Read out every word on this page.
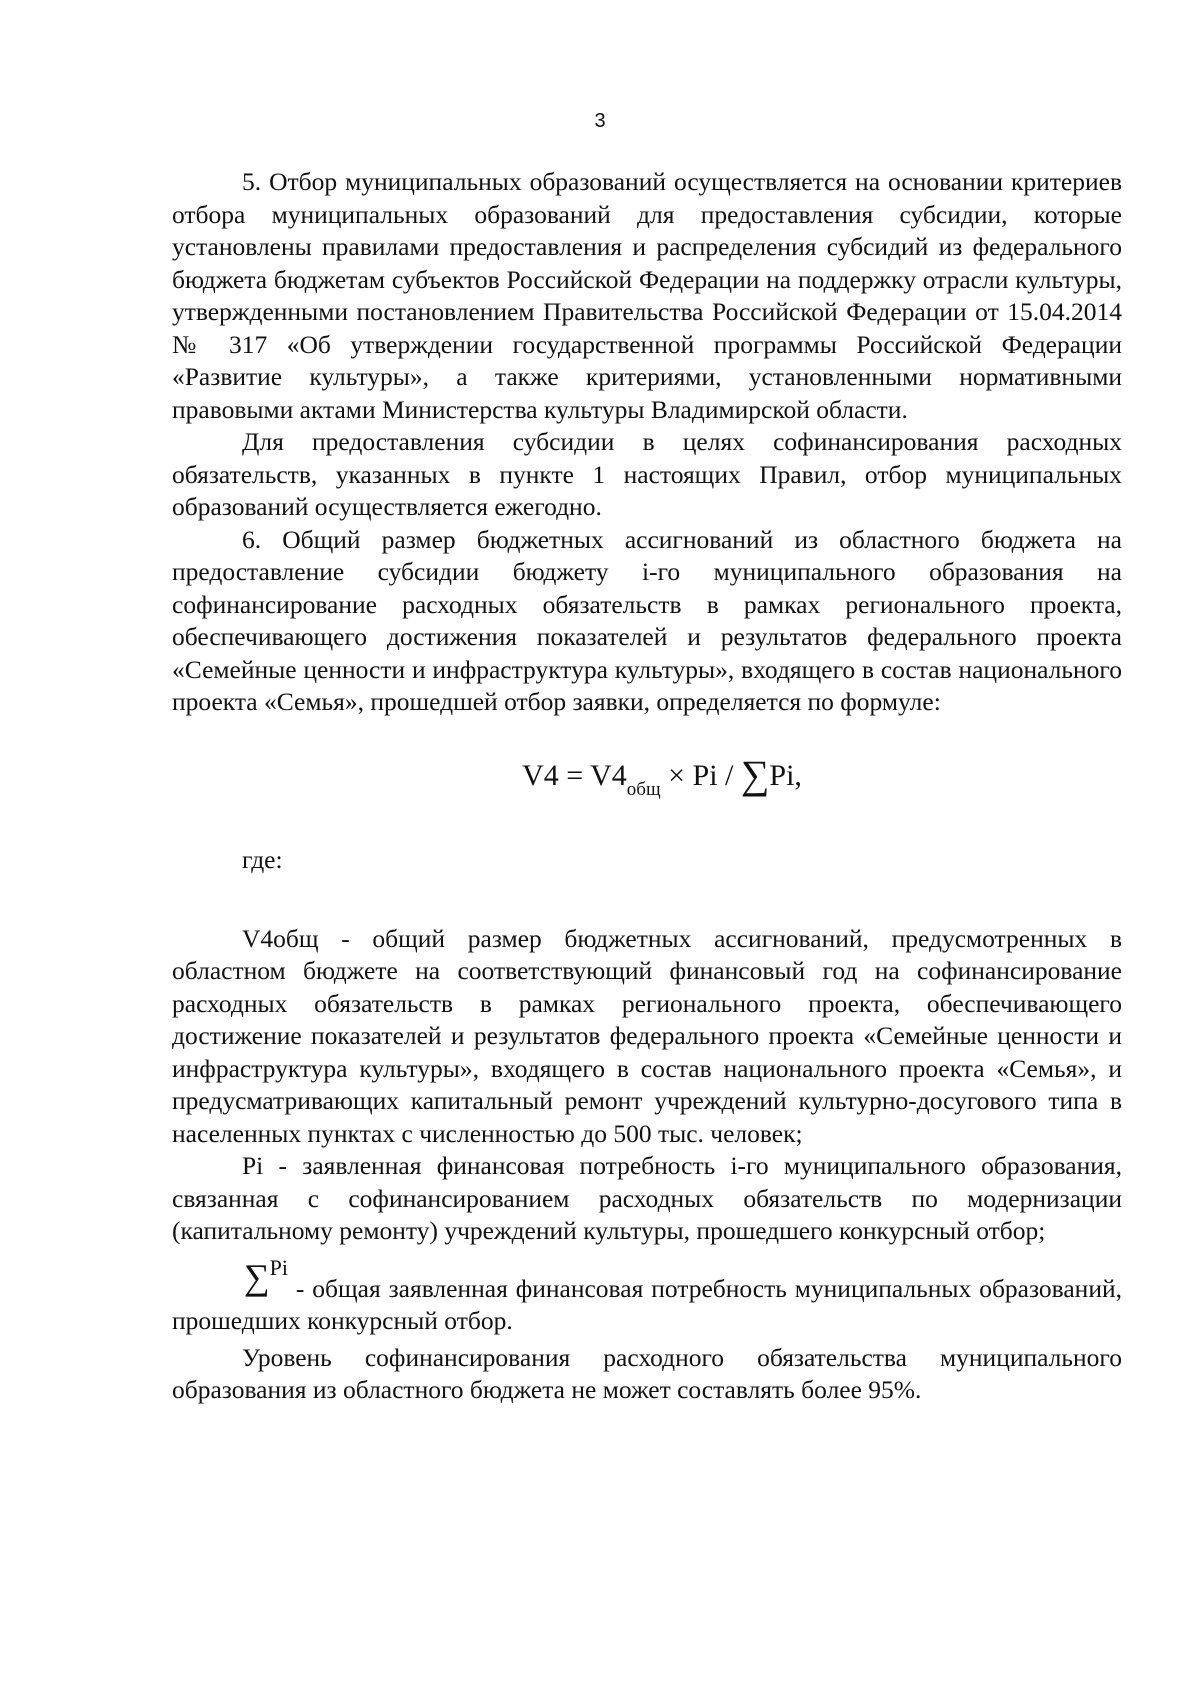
3

5. Отбор муниципальных образований осуществляется на основании критериев отбора муниципальных образований для предоставления субсидии, которые установлены правилами предоставления и распределения субсидий из федерального бюджета бюджетам субъектов Российской Федерации на поддержку отрасли культуры, утвержденными постановлением Правительства Российской Федерации от 15.04.2014 № 317 «Об утверждении государственной программы Российской Федерации «Развитие культуры», а также критериями, установленными нормативными правовыми актами Министерства культуры Владимирской области.

Для предоставления субсидии в целях софинансирования расходных обязательств, указанных в пункте 1 настоящих Правил, отбор муниципальных образований осуществляется ежегодно.

6. Общий размер бюджетных ассигнований из областного бюджета на предоставление субсидии бюджету i-го муниципального образования на софинансирование расходных обязательств в рамках регионального проекта, обеспечивающего достижения показателей и результатов федерального проекта «Семейные ценности и инфраструктура культуры», входящего в состав национального проекта «Семья», прошедшей отбор заявки, определяется по формуле:

$V4 = V4_{общ} \times Pi / \sum Pi$,

где:

V4общ - общий размер бюджетных ассигнований, предусмотренных в областном бюджете на соответствующий финансовый год на софинансирование расходных обязательств в рамках регионального проекта, обеспечивающего достижение показателей и результатов федерального проекта «Семейные ценности и инфраструктура культуры», входящего в состав национального проекта «Семья», и предусматривающих капитальный ремонт учреждений культурно-досугового типа в населенных пунктах с численностью до 500 тыс. человек;

Pi - заявленная финансовая потребность i-го муниципального образования, связанная с софинансированием расходных обязательств по модернизации (капитальному ремонту) учреждений культуры, прошедшего конкурсный отбор;

∑$^{Pi}$ - общая заявленная финансовая потребность муниципальных образований, прошедших конкурсный отбор.

Уровень софинансирования расходного обязательства муниципального образования из областного бюджета не может составлять более 95%.
